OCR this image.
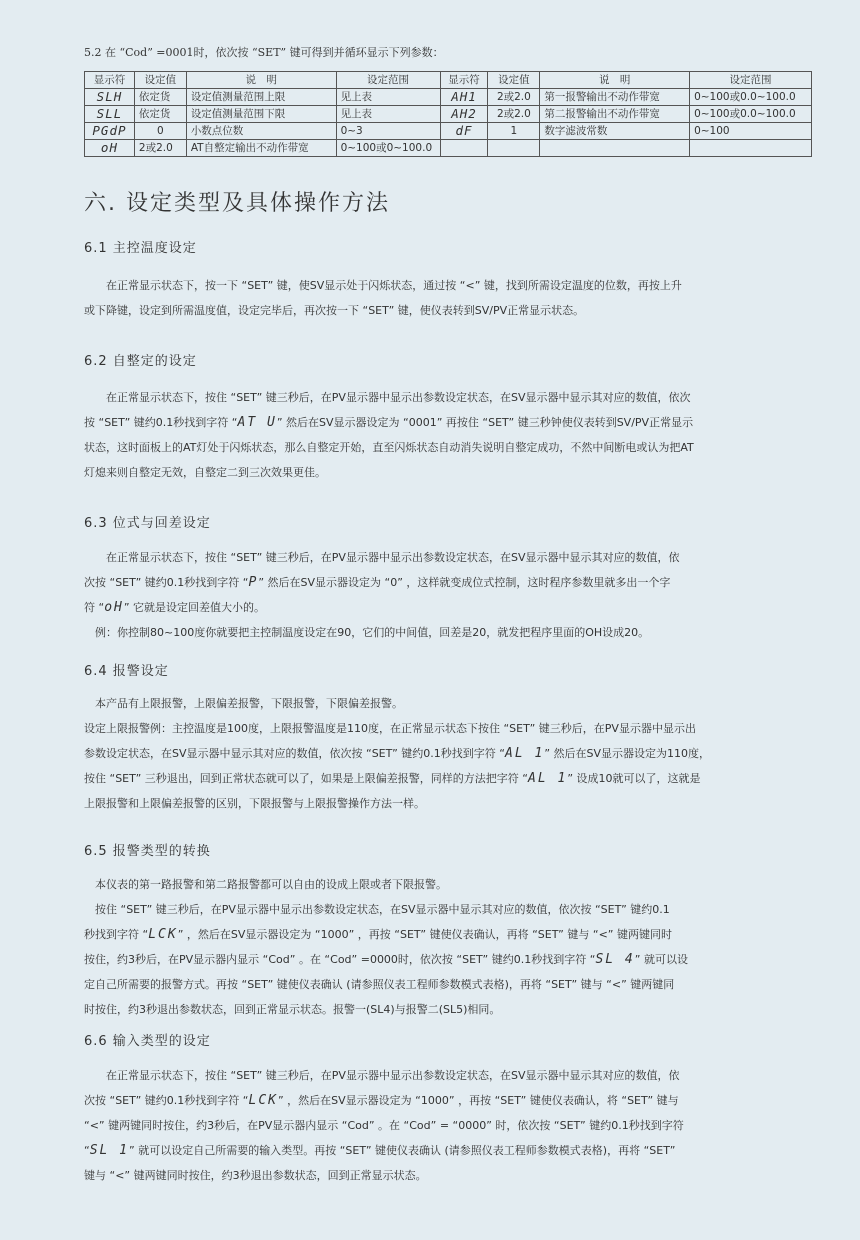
5.2 在 “Cod” =0001时，依次按 “SET” 键可得到并循环显示下列参数：
显示符	设定值	说　明	设定范围	显示符	设定值	说　明	设定范围
SLH	依定货	设定值测量范围上限	见上表	AH1	2或2.0	第一报警输出不动作带宽	0~100或0.0~100.0
SLL	依定货	设定值测量范围下限	见上表	AH2	2或2.0	第二报警输出不动作带宽	0~100或0.0~100.0
PGdP	0	小数点位数	0~3	dF	1	数字滤波常数	0~100
oH	2或2.0	AT自整定输出不动作带宽	0~100或0~100.0				
六. 设定类型及具体操作方法
6.1 主控温度设定
　　在正常显示状态下，按一下 “SET” 键，使SV显示处于闪烁状态，通过按 “<” 键，找到所需设定温度的位数，再按上升
或下降键，设定到所需温度值，设定完毕后，再次按一下 “SET” 键，使仪表转到SV/PV正常显示状态。
6.2 自整定的设定
　　在正常显示状态下，按住 “SET” 键三秒后，在PV显示器中显示出参数设定状态，在SV显示器中显示其对应的数值，依次
按 “SET” 键约0.1秒找到字符 “AT U” 然后在SV显示器设定为 “0001” 再按住 “SET” 键三秒钟使仪表转到SV/PV正常显示
状态，这时面板上的AT灯处于闪烁状态，那么自整定开始，直至闪烁状态自动消失说明自整定成功，不然中间断电或认为把AT
灯熄来则自整定无效，自整定二到三次效果更佳。
6.3 位式与回差设定
　　在正常显示状态下，按住 “SET” 键三秒后，在PV显示器中显示出参数设定状态，在SV显示器中显示其对应的数值，依
次按 “SET” 键约0.1秒找到字符 “P” 然后在SV显示器设定为 “0” ，这样就变成位式控制，这时程序参数里就多出一个字
符 “oH” 它就是设定回差值大小的。
　例：你控制80~100度你就要把主控制温度设定在90，它们的中间值，回差是20，就发把程序里面的OH设成20。
6.4 报警设定
　本产品有上限报警，上限偏差报警，下限报警，下限偏差报警。
设定上限报警例：主控温度是100度，上限报警温度是110度，在正常显示状态下按住 “SET” 键三秒后，在PV显示器中显示出
参数设定状态，在SV显示器中显示其对应的数值，依次按 “SET” 键约0.1秒找到字符 “AL 1” 然后在SV显示器设定为110度，
按住 “SET” 三秒退出，回到正常状态就可以了，如果是上限偏差报警，同样的方法把字符 “AL 1” 设成10就可以了，这就是
上限报警和上限偏差报警的区别，下限报警与上限报警操作方法一样。
6.5 报警类型的转换
　本仪表的第一路报警和第二路报警都可以自由的设成上限或者下限报警。
　按住 “SET” 键三秒后，在PV显示器中显示出参数设定状态，在SV显示器中显示其对应的数值，依次按 “SET” 键约0.1
秒找到字符 “LCK” ，然后在SV显示器设定为 “1000” ，再按 “SET” 键使仪表确认，再将 “SET” 键与 “<” 键两键同时
按住，约3秒后，在PV显示器内显示 “Cod” 。在 “Cod” =0000时，依次按 “SET” 键约0.1秒找到字符 “SL 4” 就可以设
定自己所需要的报警方式。再按 “SET” 键使仪表确认 (请参照仪表工程师参数模式表格)，再将 “SET” 键与 “<” 键两键同
时按住，约3秒退出参数状态，回到正常显示状态。报警一(SL4)与报警二(SL5)相同。
6.6 输入类型的设定
　　在正常显示状态下，按住 “SET” 键三秒后，在PV显示器中显示出参数设定状态，在SV显示器中显示其对应的数值，依
次按 “SET” 键约0.1秒找到字符 “LCK” ，然后在SV显示器设定为 “1000” ，再按 “SET” 键使仪表确认，将 “SET” 键与
“<” 键两键同时按住，约3秒后，在PV显示器内显示 “Cod” 。在 “Cod” = “0000” 时，依次按 “SET” 键约0.1秒找到字符
“SL 1” 就可以设定自己所需要的输入类型。再按 “SET” 键使仪表确认 (请参照仪表工程师参数模式表格)，再将 “SET”
键与 “<” 键两键同时按住，约3秒退出参数状态，回到正常显示状态。
